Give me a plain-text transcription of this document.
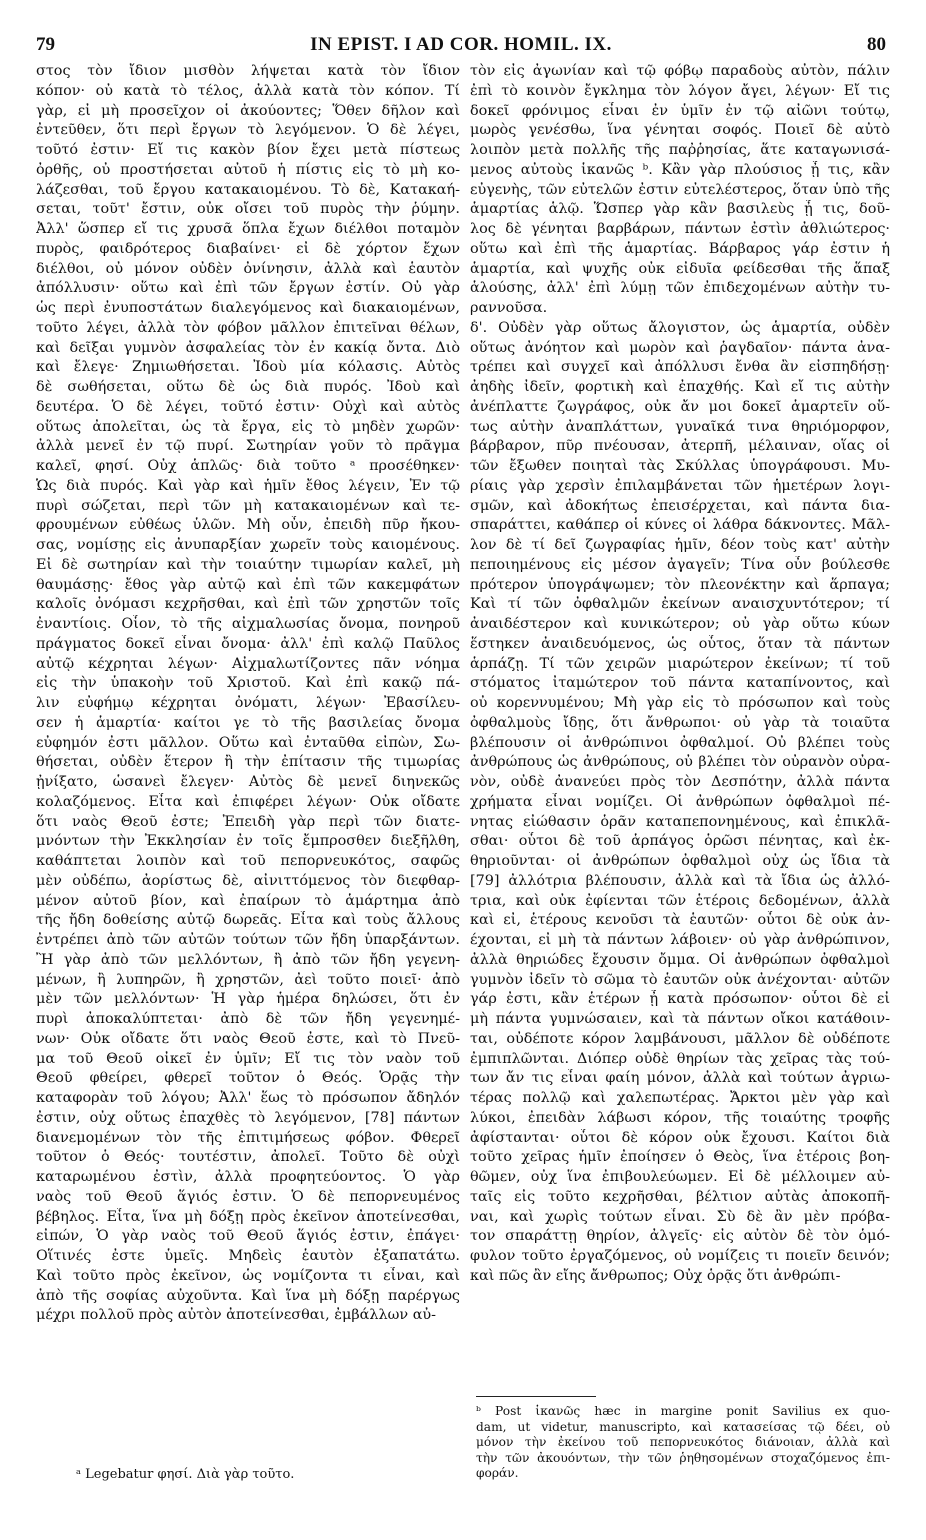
79	IN EPIST. I AD COR. HOMIL. IX.	80
στος τὸν ἴδιον μισθὸν λήψεται κατὰ τὸν ἴδιον
κόπον· οὐ κατὰ τὸ τέλος, ἀλλὰ κατὰ τὸν κόπον. Τί
γὰρ, εἰ μὴ προσεῖχον οἱ ἀκούοντες; Ὅθεν δῆλον καὶ
ἐντεῦθεν, ὅτι περὶ ἔργων τὸ λεγόμενον. Ὁ δὲ λέγει,
τοῦτό ἐστιν· Εἴ τις κακὸν βίον ἔχει μετὰ πίστεως
ὀρθῆς, οὐ προστήσεται αὐτοῦ ἡ πίστις εἰς τὸ μὴ κο-
λάζεσθαι, τοῦ ἔργου κατακαιομένου. Τὸ δὲ, Κατακαή-
σεται, τοῦτ' ἔστιν, οὐκ οἴσει τοῦ πυρὸς τὴν ῥύμην.
Ἀλλ' ὥσπερ εἴ τις χρυσᾶ ὅπλα ἔχων διέλθοι ποταμὸν
πυρὸς, φαιδρότερος διαβαίνει· εἰ δὲ χόρτον ἔχων
διέλθοι, οὐ μόνον οὐδὲν ὀνίνησιν, ἀλλὰ καὶ ἑαυτὸν
ἀπόλλυσιν· οὕτω καὶ ἐπὶ τῶν ἔργων ἐστίν. Οὐ γὰρ
ὡς περὶ ἐνυποστάτων διαλεγόμενος καὶ διακαιομένων,
τοῦτο λέγει, ἀλλὰ τὸν φόβον μᾶλλον ἐπιτεῖναι θέλων,
καὶ δεῖξαι γυμνὸν ἀσφαλείας τὸν ἐν κακίᾳ ὄντα. Διὸ
καὶ ἔλεγε· Ζημιωθήσεται. Ἰδοὺ μία κόλασις. Αὐτὸς
δὲ σωθήσεται, οὕτω δὲ ὡς διὰ πυρός. Ἰδοὺ καὶ
δευτέρα. Ὁ δὲ λέγει, τοῦτό ἐστιν· Οὐχὶ καὶ αὐτὸς
οὕτως ἀπολεῖται, ὡς τὰ ἔργα, εἰς τὸ μηδὲν χωρῶν·
ἀλλὰ μενεῖ ἐν τῷ πυρί. Σωτηρίαν γοῦν τὸ πρᾶγμα
καλεῖ, φησί. Οὐχ ἁπλῶς· διὰ τοῦτο ᵃ προσέθηκεν·
Ὡς διὰ πυρός. Καὶ γὰρ καὶ ἡμῖν ἔθος λέγειν, Ἐν τῷ
πυρὶ σώζεται, περὶ τῶν μὴ κατακαιομένων καὶ τε-
φρουμένων εὐθέως ὑλῶν. Μὴ οὖν, ἐπειδὴ πῦρ ἤκου-
σας, νομίσῃς εἰς ἀνυπαρξίαν χωρεῖν τοὺς καιομένους.
Εἰ δὲ σωτηρίαν καὶ τὴν τοιαύτην τιμωρίαν καλεῖ, μὴ
θαυμάσῃς· ἔθος γὰρ αὐτῷ καὶ ἐπὶ τῶν κακεμφάτων
καλοῖς ὀνόμασι κεχρῆσθαι, καὶ ἐπὶ τῶν χρηστῶν τοῖς
ἐναντίοις. Οἷον, τὸ τῆς αἰχμαλωσίας ὄνομα, πονηροῦ
πράγματος δοκεῖ εἶναι ὄνομα· ἀλλ' ἐπὶ καλῷ Παῦλος
αὐτῷ κέχρηται λέγων· Αἰχμαλωτίζοντες πᾶν νόημα
εἰς τὴν ὑπακοὴν τοῦ Χριστοῦ. Καὶ ἐπὶ κακῷ πά-
λιν εὐφήμῳ κέχρηται ὀνόματι, λέγων· Ἐβασίλευ-
σεν ἡ ἁμαρτία· καίτοι γε τὸ τῆς βασιλείας ὄνομα
εὐφημόν ἐστι μᾶλλον. Οὕτω καὶ ἐνταῦθα εἰπὼν, Σω-
θήσεται, οὐδὲν ἕτερον ἢ τὴν ἐπίτασιν τῆς τιμωρίας
ᾐνίξατο, ὡσανεὶ ἔλεγεν· Αὐτὸς δὲ μενεῖ διηνεκῶς
κολαζόμενος. Εἶτα καὶ ἐπιφέρει λέγων· Οὐκ οἴδατε
ὅτι ναὸς Θεοῦ ἐστε; Ἐπειδὴ γὰρ περὶ τῶν διατε-
μνόντων τὴν Ἐκκλησίαν ἐν τοῖς ἔμπροσθεν διεξῆλθη,
καθάπτεται λοιπὸν καὶ τοῦ πεπορνευκότος, σαφῶς
μὲν οὐδέπω, ἀορίστως δὲ, αἰνιττόμενος τὸν διεφθαρ-
μένον αὐτοῦ βίον, καὶ ἐπαίρων τὸ ἁμάρτημα ἀπὸ
τῆς ἤδη δοθείσης αὐτῷ δωρεᾶς. Εἶτα καὶ τοὺς ἄλλους
ἐντρέπει ἀπὸ τῶν αὐτῶν τούτων τῶν ἤδη ὑπαρξάντων.
Ἢ γὰρ ἀπὸ τῶν μελλόντων, ἢ ἀπὸ τῶν ἤδη γεγενη-
μένων, ἢ λυπηρῶν, ἢ χρηστῶν, ἀεὶ τοῦτο ποιεῖ· ἀπὸ
μὲν τῶν μελλόντων· Ἡ γὰρ ἡμέρα δηλώσει, ὅτι ἐν
πυρὶ ἀποκαλύπτεται· ἀπὸ δὲ τῶν ἤδη γεγενημέ-
νων· Οὐκ οἴδατε ὅτι ναὸς Θεοῦ ἐστε, καὶ τὸ Πνεῦ-
μα τοῦ Θεοῦ οἰκεῖ ἐν ὑμῖν; Εἴ τις τὸν ναὸν τοῦ
Θεοῦ φθείρει, φθερεῖ τοῦτον ὁ Θεός. Ὁρᾷς τὴν
καταφορὰν τοῦ λόγου; Ἀλλ' ἕως τὸ πρόσωπον ἄδηλόν
ἐστιν, οὐχ οὕτως ἐπαχθὲς τὸ λεγόμενον, [78] πάντων
διανεμομένων τὸν τῆς ἐπιτιμήσεως φόβον. Φθερεῖ
τοῦτον ὁ Θεός· τουτέστιν, ἀπολεῖ. Τοῦτο δὲ οὐχὶ
καταρωμένου ἐστὶν, ἀλλὰ προφητεύοντος. Ὁ γὰρ
ναὸς τοῦ Θεοῦ ἅγιός ἐστιν. Ὁ δὲ πεπορνευμένος
βέβηλος. Εἶτα, ἵνα μὴ δόξῃ πρὸς ἐκεῖνον ἀποτείνεσθαι,
εἰπών, Ὁ γὰρ ναὸς τοῦ Θεοῦ ἅγιός ἐστιν, ἐπάγει·
Οἵτινές ἐστε ὑμεῖς. Μηδεὶς ἑαυτὸν ἐξαπατάτω.
Καὶ τοῦτο πρὸς ἐκεῖνον, ὡς νομίζοντα τι εἶναι, καὶ
ἀπὸ τῆς σοφίας αὐχοῦντα. Καὶ ἵνα μὴ δόξῃ παρέργως
μέχρι πολλοῦ πρὸς αὐτὸν ἀποτείνεσθαι, ἐμβάλλων αὐ-
τὸν εἰς ἀγωνίαν καὶ τῷ φόβῳ παραδοὺς αὐτὸν, πάλιν
ἐπὶ τὸ κοινὸν ἔγκλημα τὸν λόγον ἄγει, λέγων· Εἴ τις
δοκεῖ φρόνιμος εἶναι ἐν ὑμῖν ἐν τῷ αἰῶνι τούτῳ,
μωρὸς γενέσθω, ἵνα γένηται σοφός. Ποιεῖ δὲ αὐτὸ
λοιπὸν μετὰ πολλῆς τῆς παῤῥησίας, ἅτε καταγωνισά-
μενος αὐτοὺς ἱκανῶς ᵇ. Κἂν γὰρ πλούσιος ᾖ τις, κἂν
εὐγενὴς, τῶν εὐτελῶν ἐστιν εὐτελέστερος, ὅταν ὑπὸ τῆς
ἁμαρτίας ἁλῷ. Ὥσπερ γὰρ κἂν βασιλεὺς ᾖ τις, δοῦ-
λος δὲ γένηται βαρβάρων, πάντων ἐστὶν ἀθλιώτερος·
οὕτω καὶ ἐπὶ τῆς ἁμαρτίας. Βάρβαρος γάρ ἐστιν ἡ
ἁμαρτία, καὶ ψυχῆς οὐκ εἰδυῖα φείδεσθαι τῆς ἅπαξ
ἁλούσης, ἀλλ' ἐπὶ λύμῃ τῶν ἐπιδεχομένων αὐτὴν τυ-
ραννοῦσα.
δ'. Οὐδὲν γὰρ οὕτως ἄλογιστον, ὡς ἁμαρτία, οὐδὲν
οὕτως ἀνόητον καὶ μωρὸν καὶ ῥαγδαῖον· πάντα ἀνα-
τρέπει καὶ συγχεῖ καὶ ἀπόλλυσι ἔνθα ἂν εἰσπηδήσῃ·
ἀηδὴς ἰδεῖν, φορτικὴ καὶ ἐπαχθής. Καὶ εἴ τις αὐτὴν
ἀνέπλαττε ζωγράφος, οὐκ ἄν μοι δοκεῖ ἁμαρτεῖν οὕ-
τως αὐτὴν ἀναπλάττων, γυναῖκά τινα θηριόμορφον,
βάρβαρον, πῦρ πνέουσαν, ἀτερπῆ, μέλαιναν, οἵας οἱ
τῶν ἔξωθεν ποιηταὶ τὰς Σκύλλας ὑπογράφουσι. Μυ-
ρίαις γὰρ χερσὶν ἐπιλαμβάνεται τῶν ἡμετέρων λογι-
σμῶν, καὶ ἀδοκήτως ἐπεισέρχεται, καὶ πάντα δια-
σπαράττει, καθάπερ οἱ κύνες οἱ λάθρα δάκνοντες. Μᾶλ-
λον δὲ τί δεῖ ζωγραφίας ἡμῖν, δέον τοὺς κατ' αὐτὴν
πεποιημένους εἰς μέσον ἀγαγεῖν; Τίνα οὖν βούλεσθε
πρότερον ὑπογράψωμεν; τὸν πλεονέκτην καὶ ἅρπαγα;
Καὶ τί τῶν ὀφθαλμῶν ἐκείνων αναισχυντότερον; τί
ἀναιδέστερον καὶ κυνικώτερον; οὐ γὰρ οὕτω κύων
ἕστηκεν ἀναιδευόμενος, ὡς οὗτος, ὅταν τὰ πάντων
ἁρπάζῃ. Τί τῶν χειρῶν μιαρώτερον ἐκείνων; τί τοῦ
στόματος ἰταμώτερον τοῦ πάντα καταπίνοντος, καὶ
οὐ κορεννυμένου; Μὴ γὰρ εἰς τὸ πρόσωπον καὶ τοὺς
ὀφθαλμοὺς ἴδῃς, ὅτι ἄνθρωποι· οὐ γὰρ τὰ τοιαῦτα
βλέπουσιν οἱ ἀνθρώπινοι ὀφθαλμοί. Οὐ βλέπει τοὺς
ἀνθρώπους ὡς ἀνθρώπους, οὐ βλέπει τὸν οὐρανὸν οὐρα-
νὸν, οὐδὲ ἀνανεύει πρὸς τὸν Δεσπότην, ἀλλὰ πάντα
χρήματα εἶναι νομίζει. Οἱ ἀνθρώπων ὀφθαλμοὶ πέ-
νητας εἰώθασιν ὁρᾶν καταπεπονημένους, καὶ ἐπικλᾶ-
σθαι· οὗτοι δὲ τοῦ ἁρπάγος ὁρῶσι πένητας, καὶ ἐκ-
θηριοῦνται· οἱ ἀνθρώπων ὀφθαλμοὶ οὐχ ὡς ἴδια τὰ
[79] ἀλλότρια βλέπουσιν, ἀλλὰ καὶ τὰ ἴδια ὡς ἀλλό-
τρια, καὶ οὐκ ἐφίενται τῶν ἑτέροις δεδομένων, ἀλλὰ
καὶ εἰ, ἑτέρους κενοῦσι τὰ ἑαυτῶν· οὗτοι δὲ οὐκ ἀν-
έχονται, εἰ μὴ τὰ πάντων λάβοιεν· οὐ γὰρ ἀνθρώπινον,
ἀλλὰ θηριώδες ἔχουσιν ὄμμα. Οἱ ἀνθρώπων ὀφθαλμοὶ
γυμνὸν ἰδεῖν τὸ σῶμα τὸ ἑαυτῶν οὐκ ἀνέχονται· αὐτῶν
γάρ ἐστι, κἂν ἑτέρων ᾖ κατὰ πρόσωπον· οὗτοι δὲ εἰ
μὴ πάντα γυμνώσαιεν, καὶ τὰ πάντων οἴκοι κατάθοιν-
ται, οὐδέποτε κόρον λαμβάνουσι, μᾶλλον δὲ οὐδέποτε
ἐμπιπλῶνται. Διόπερ οὐδὲ θηρίων τὰς χεῖρας τὰς τού-
των ἄν τις εἶναι φαίη μόνον, ἀλλὰ καὶ τούτων ἀγριω-
τέρας πολλῷ καὶ χαλεπωτέρας. Ἄρκτοι μὲν γὰρ καὶ
λύκοι, ἐπειδὰν λάβωσι κόρον, τῆς τοιαύτης τροφῆς
ἀφίστανται· οὗτοι δὲ κόρον οὐκ ἔχουσι. Καίτοι διὰ
τοῦτο χεῖρας ἡμῖν ἐποίησεν ὁ Θεὸς, ἵνα ἑτέροις βοη-
θῶμεν, οὐχ ἵνα ἐπιβουλεύωμεν. Εἰ δὲ μέλλοιμεν αὐ-
ταῖς εἰς τοῦτο κεχρῆσθαι, βέλτιον αὐτὰς ἀποκοπῆ-
ναι, καὶ χωρὶς τούτων εἶναι. Σὺ δὲ ἂν μὲν πρόβα-
τον σπαράττῃ θηρίον, ἀλγεῖς· εἰς αὐτὸν δὲ τὸν ὁμό-
φυλον τοῦτο ἐργαζόμενος, οὐ νομίζεις τι ποιεῖν δεινόν;
καὶ πῶς ἂν εἴης ἄνθρωπος; Οὐχ ὁρᾷς ὅτι ἀνθρώπι-
ᵃ Legebatur φησί. Διὰ γὰρ τοῦτο.
ᵇ Post ἱκανῶς hæc in margine ponit Savilius ex quo-
dam, ut videtur, manuscripto, καὶ κατασείσας τῷ δέει, οὐ
μόνον τὴν ἐκείνου τοῦ πεπορνευκότος διάνοιαν, ἀλλὰ καὶ
τὴν τῶν ἀκουόντων, τὴν τῶν ῥηθησομένων στοχαζόμενος ἐπι-
φοράν.
